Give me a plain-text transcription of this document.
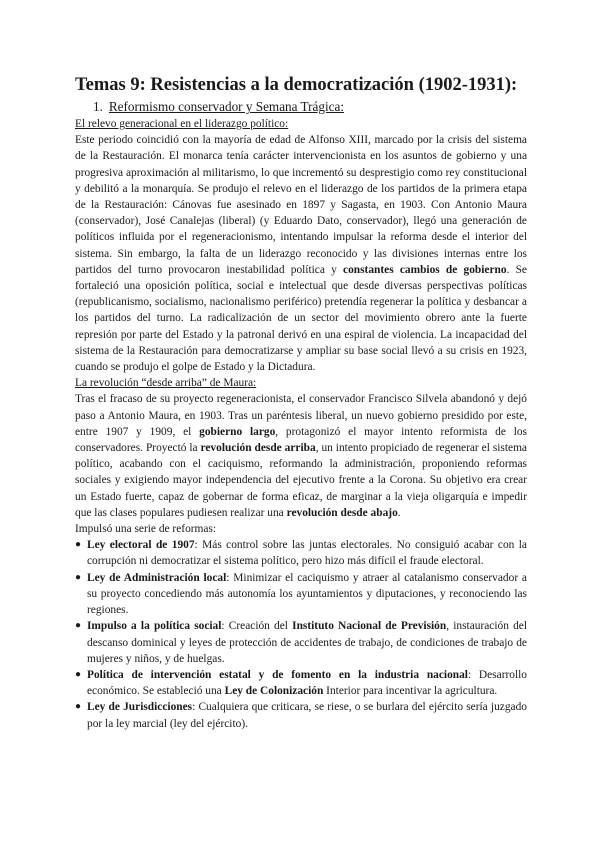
Temas 9: Resistencias a la democratización (1902-1931):
1. Reformismo conservador y Semana Trágica:

El relevo generacional en el liderazgo político:

Este periodo coincidió con la mayoría de edad de Alfonso XIII, marcado por la crisis del sistema de la Restauración. El monarca tenía carácter intervencionista en los asuntos de gobierno y una progresiva aproximación al militarismo, lo que incrementó su desprestigio como rey constitucional y debilitó a la monarquía. Se produjo el relevo en el liderazgo de los partidos de la primera etapa de la Restauración: Cánovas fue asesinado en 1897 y Sagasta, en 1903. Con Antonio Maura (conservador), José Canalejas (liberal) (y Eduardo Dato, conservador), llegó una generación de políticos influida por el regeneracionismo, intentando impulsar la reforma desde el interior del sistema. Sin embargo, la falta de un liderazgo reconocido y las divisiones internas entre los partidos del turno provocaron inestabilidad política y constantes cambios de gobierno. Se fortaleció una oposición política, social e intelectual que desde diversas perspectivas políticas (republicanismo, socialismo, nacionalismo periférico) pretendía regenerar la política y desbancar a los partidos del turno. La radicalización de un sector del movimiento obrero ante la fuerte represión por parte del Estado y la patronal derivó en una espiral de violencia. La incapacidad del sistema de la Restauración para democratizarse y ampliar su base social llevó a su crisis en 1923, cuando se produjo el golpe de Estado y la Dictadura.

La revolución “desde arriba” de Maura:

Tras el fracaso de su proyecto regeneracionista, el conservador Francisco Silvela abandonó y dejó paso a Antonio Maura, en 1903. Tras un paréntesis liberal, un nuevo gobierno presidido por este, entre 1907 y 1909, el gobierno largo, protagonizó el mayor intento reformista de los conservadores. Proyectó la revolución desde arriba, un intento propiciado de regenerar el sistema político, acabando con el caciquismo, reformando la administración, proponiendo reformas sociales y exigiendo mayor independencia del ejecutivo frente a la Corona. Su objetivo era crear un Estado fuerte, capaz de gobernar de forma eficaz, de marginar a la vieja oligarquía e impedir que las clases populares pudiesen realizar una revolución desde abajo.

Impulsó una serie de reformas:

● Ley electoral de 1907: Más control sobre las juntas electorales. No consiguió acabar con la corrupción ni democratizar el sistema político, pero hizo más difícil el fraude electoral.
● Ley de Administración local: Minimizar el caciquismo y atraer al catalanismo conservador a su proyecto concediendo más autonomía los ayuntamientos y diputaciones, y reconociendo las regiones.
● Impulso a la política social: Creación del Instituto Nacional de Previsión, instauración del descanso dominical y leyes de protección de accidentes de trabajo, de condiciones de trabajo de mujeres y niños, y de huelgas.
● Política de intervención estatal y de fomento en la industria nacional: Desarrollo económico. Se estableció una Ley de Colonización Interior para incentivar la agricultura.
● Ley de Jurisdicciones: Cualquiera que criticara, se riese, o se burlara del ejército sería juzgado por la ley marcial (ley del ejército).
